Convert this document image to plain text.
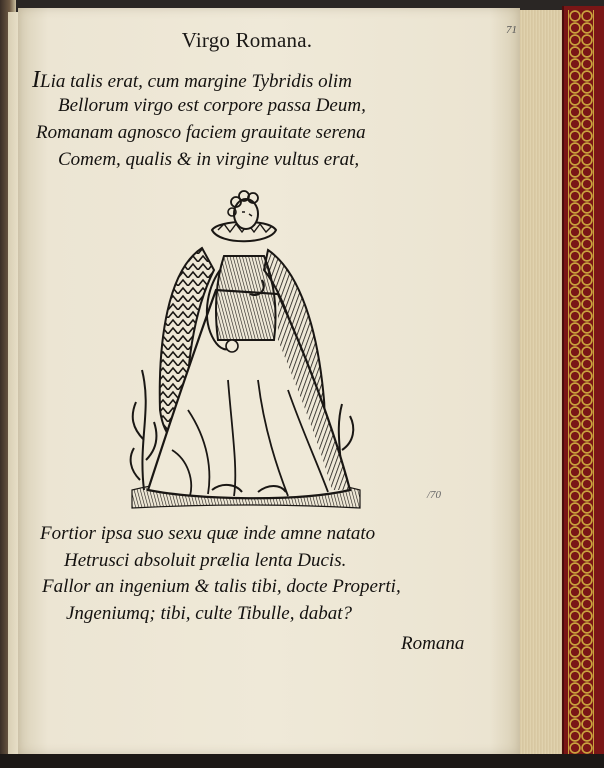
Virgo Romana.	71
ILia talis erat, cum margine Tybridis olim
Bellorum virgo est corpore passa Deum,
Romanam agnosco faciem grauitate serena
Comem, qualis & in virgine vultus erat,
/70
Fortior ipsa suo sexu quæ inde amne natato
Hetrusci absoluit prælia lenta Ducis.
Fallor an ingenium & talis tibi, docte Properti,
Jngeniumq; tibi, culte Tibulle, dabat?
Romana
